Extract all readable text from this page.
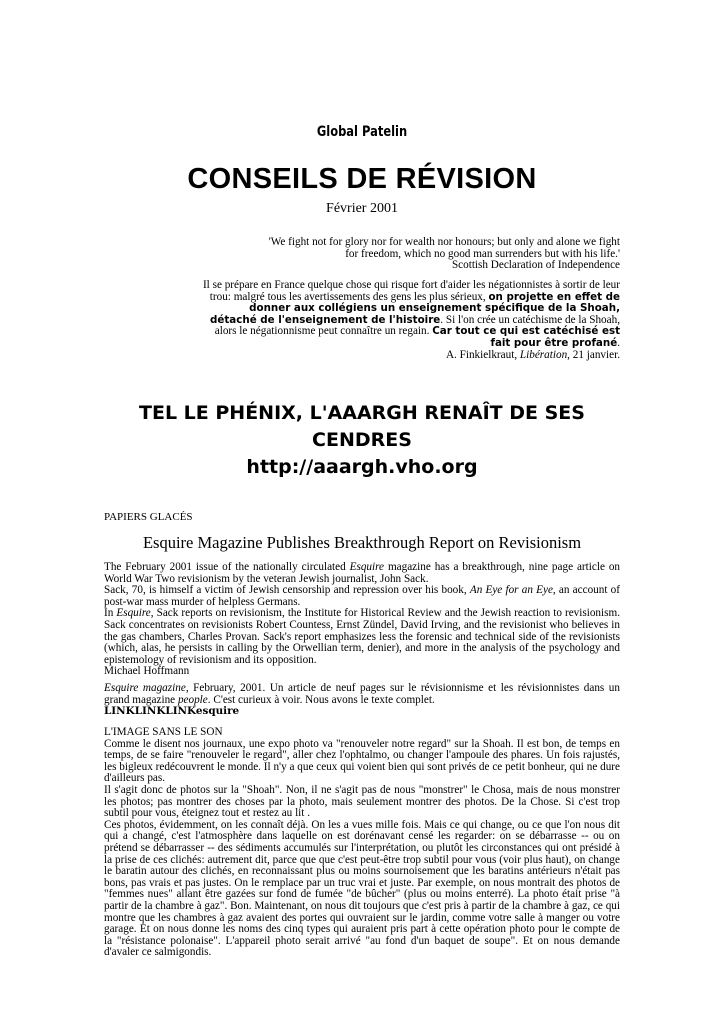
Global Patelin
CONSEILS DE RÉVISION
Février 2001
'We fight not for glory nor for wealth nor honours; but only and alone we fight
for freedom, which no good man surrenders but with his life.'
Scottish Declaration of Independence
Il se prépare en France quelque chose qui risque fort d'aider les négationnistes à sortir de leur trou: malgré tous les avertissements des gens les plus sérieux, on projette en effet de donner aux collégiens un enseignement spécifique de la Shoah, détaché de l'enseignement de l'histoire. Si l'on crée un catéchisme de la Shoah, alors le négationnisme peut connaître un regain. Car tout ce qui est catéchisé est fait pour être profané.
A. Finkielkraut, Libération, 21 janvier.
TEL LE PHÉNIX, L'AAARGH RENAÎT DE SES
CENDRES
http://aaargh.vho.org
PAPIERS GLACÉS
Esquire Magazine Publishes Breakthrough Report on Revisionism

The February 2001 issue of the nationally circulated Esquire magazine has a breakthrough, nine page article on World War Two revisionism by the veteran Jewish journalist, John Sack.

Sack, 70, is himself a victim of Jewish censorship and repression over his book, An Eye for an Eye, an account of post-war mass murder of helpless Germans.

In Esquire, Sack reports on revisionism, the Institute for Historical Review and the Jewish reaction to revisionism. Sack concentrates on revisionists Robert Countess, Ernst Zündel, David Irving, and the revisionist who believes in the gas chambers, Charles Provan. Sack's report emphasizes less the forensic and technical side of the revisionists (which, alas, he persists in calling by the Orwellian term, denier), and more in the analysis of the psychology and epistemology of revisionism and its opposition.

Michael Hoffmann

Esquire magazine, February, 2001. Un article de neuf pages sur le révisionnisme et les révisionnistes dans un grand magazine people. C'est curieux à voir. Nous avons le texte complet.

LINKLINKLINKesquire

L'IMAGE SANS LE SON

Comme le disent nos journaux, une expo photo va "renouveler notre regard" sur la Shoah. Il est bon, de temps en temps, de se faire "renouveler le regard", aller chez l'ophtalmo, ou changer l'ampoule des phares. Un fois rajustés, les bigleux redécouvrent le monde. Il n'y a que ceux qui voient bien qui sont privés de ce petit bonheur, qui ne dure d'ailleurs pas.

Il s'agit donc de photos sur la "Shoah". Non, il ne s'agit pas de nous "monstrer" le Chosa, mais de nous monstrer les photos; pas montrer des choses par la photo, mais seulement montrer des photos. De la Chose. Si c'est trop subtil pour vous, éteignez tout et restez au lit .

Ces photos, évidemment, on les connaît déjà. On les a vues mille fois. Mais ce qui change, ou ce que l'on nous dit qui a changé, c'est l'atmosphère dans laquelle on est dorénavant censé les regarder: on se débarrasse -- ou on prétend se débarrasser -- des sédiments accumulés sur l'interprétation, ou plutôt les circonstances qui ont présidé à la prise de ces clichés: autrement dit, parce que que c'est peut-être trop subtil pour vous (voir plus haut), on change le baratin autour des clichés, en reconnaissant plus ou moins sournoisement que les baratins antérieurs n'était pas bons, pas vrais et pas justes. On le remplace par un truc vrai et juste. Par exemple, on nous montrait des photos de "femmes nues" allant être gazées sur fond de fumée "de bûcher" (plus ou moins enterré). La photo était prise "à partir de la chambre à gaz". Bon. Maintenant, on nous dit toujours que c'est pris à partir de la chambre à gaz, ce qui montre que les chambres à gaz avaient des portes qui ouvraient sur le jardin, comme votre salle à manger ou votre garage. Et on nous donne les noms des cinq types qui auraient pris part à cette opération photo pour le compte de la "résistance polonaise". L'appareil photo serait arrivé "au fond d'un baquet de soupe". Et on nous demande d'avaler ce salmigondis.
